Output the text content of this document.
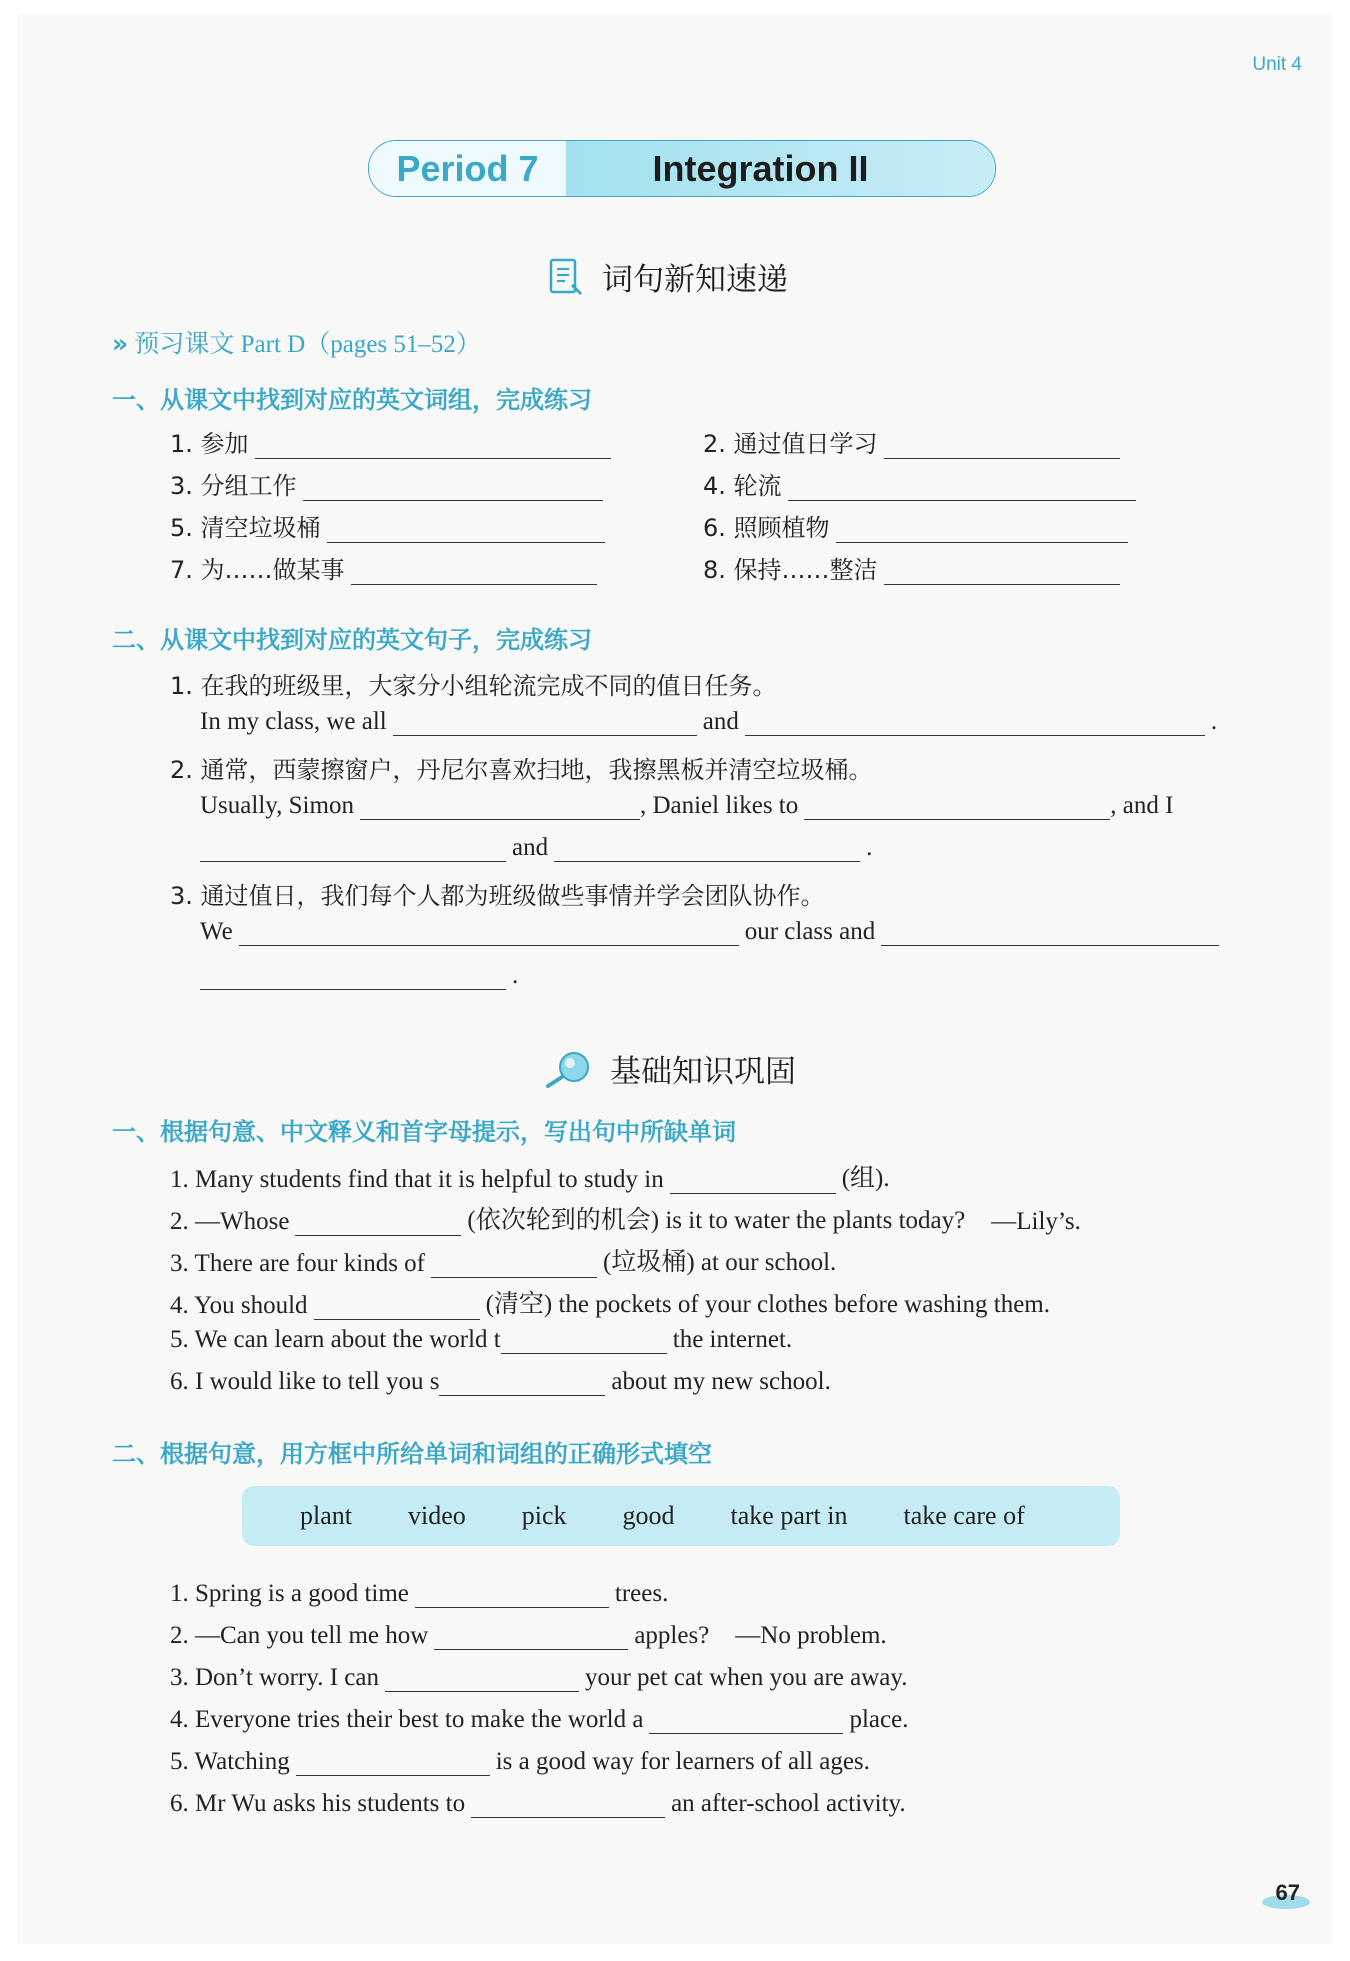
Unit 4
Period 7	Integration II
词句新知速递
» 预习课文 Part D（pages 51–52）
一、从课文中找到对应的英文词组，完成练习
1. 参加	2. 通过值日学习
3. 分组工作	4. 轮流
5. 清空垃圾桶	6. 照顾植物
7. 为……做某事	8. 保持……整洁
二、从课文中找到对应的英文句子，完成练习
1. 在我的班级里，大家分小组轮流完成不同的值日任务。
In my class, we all	and	.
2. 通常，西蒙擦窗户，丹尼尔喜欢扫地，我擦黑板并清空垃圾桶。
Usually, Simon	, Daniel likes to	, and I
and	.
3. 通过值日，我们每个人都为班级做些事情并学会团队协作。
We	our class and
.
基础知识巩固
一、根据句意、中文释义和首字母提示，写出句中所缺单词
1. Many students find that it is helpful to study in	(组).
2. —Whose	(依次轮到的机会) is it to water the plants today? —Lily’s.
3. There are four kinds of	(垃圾桶) at our school.
4. You should	(清空) the pockets of your clothes before washing them.
5. We can learn about the world t	the internet.
6. I would like to tell you s	about my new school.
二、根据句意，用方框中所给单词和词组的正确形式填空
plant video pick good take part in take care of
1. Spring is a good time	trees.
2. —Can you tell me how	apples? —No problem.
3. Don’t worry. I can	your pet cat when you are away.
4. Everyone tries their best to make the world a	place.
5. Watching	is a good way for learners of all ages.
6. Mr Wu asks his students to	an after-school activity.
67
